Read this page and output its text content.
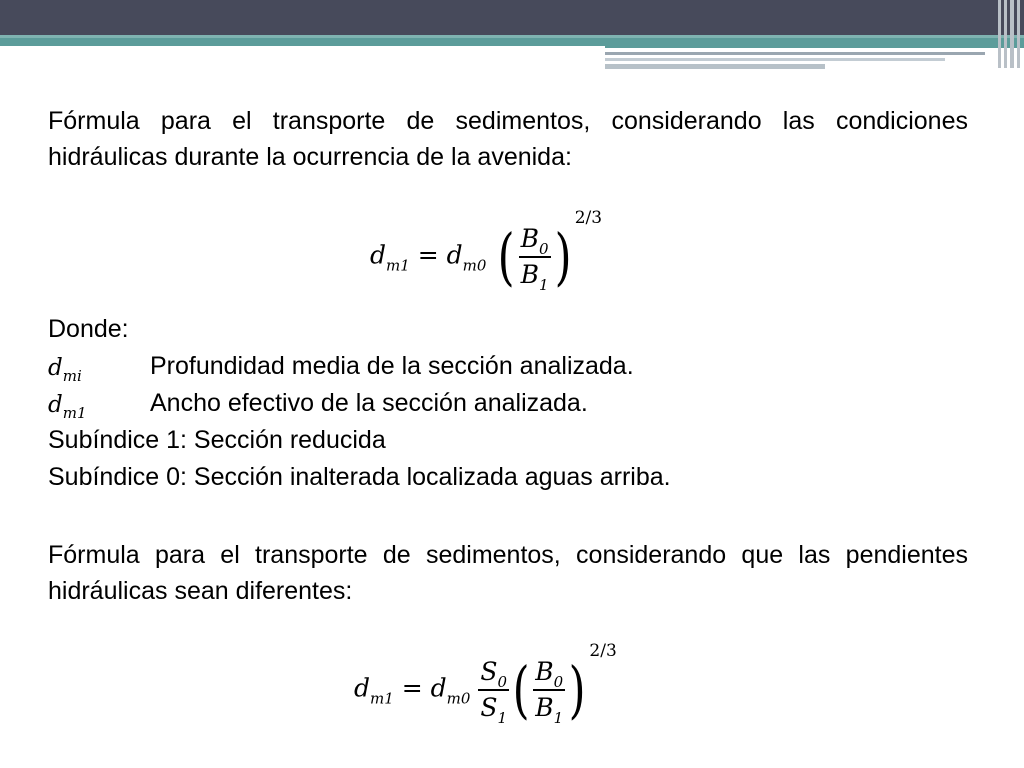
Fórmula para el transporte de sedimentos, considerando las condiciones hidráulicas durante la ocurrencia de la avenida:
$d_{m1} = d_{m0}$ ( $\frac{B_0}{B_1} )^{2/3}$
Donde:
$d_{mi}$	Profundidad media de la sección analizada.
$d_{m1}$	Ancho efectivo de la sección analizada.
Subíndice 1: Sección reducida
Subíndice 0: Sección inalterada localizada aguas arriba.
Fórmula para el transporte de sedimentos, considerando que las pendientes hidráulicas sean diferentes:
$d_{m1} = d_{m0} \frac{S_0}{S_1}$ ( $\frac{B_0}{B_1} )^{2/3}$
